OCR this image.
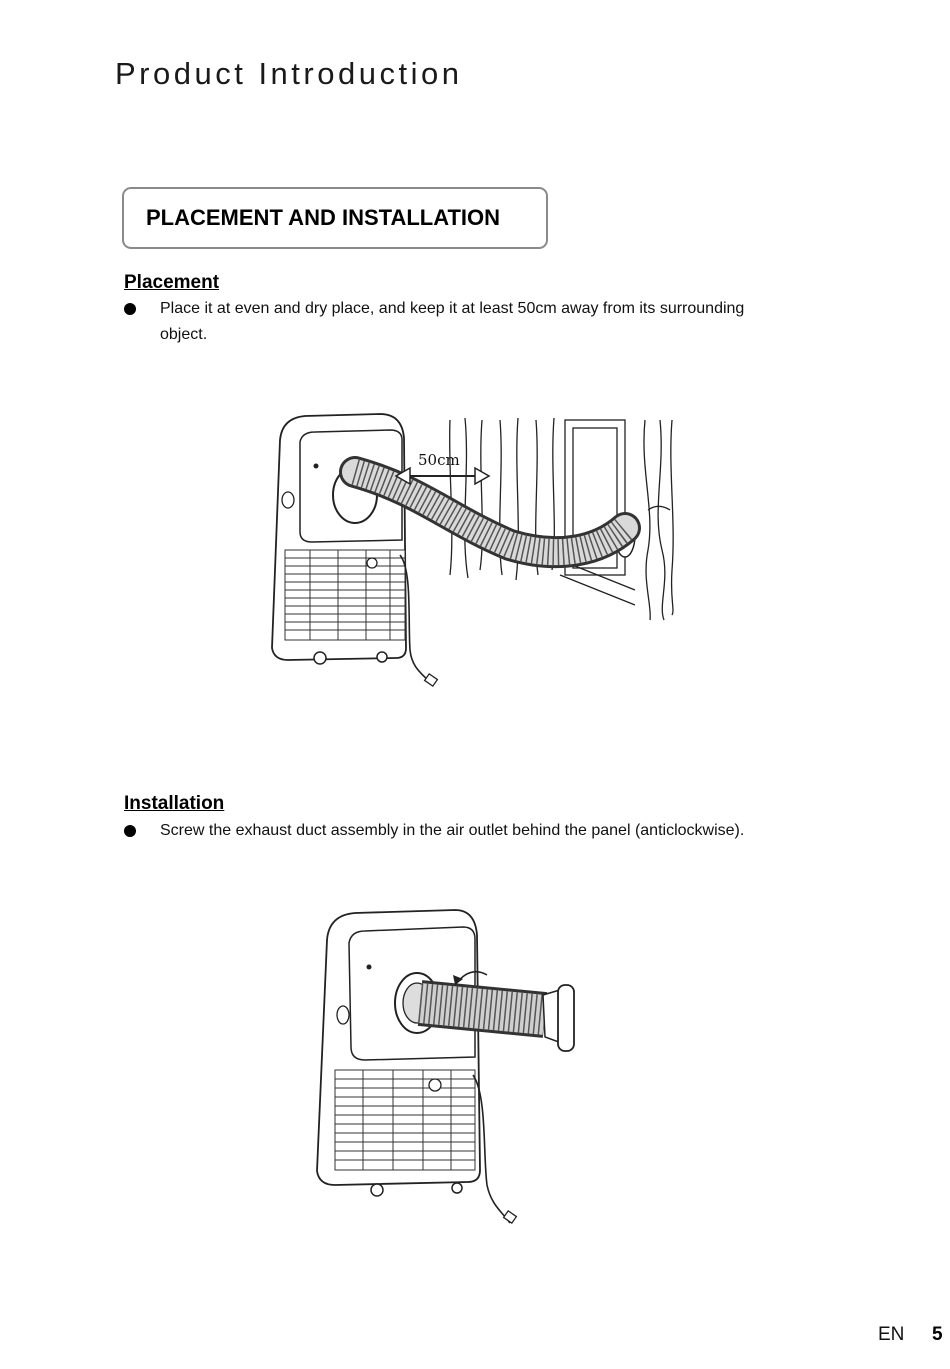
Product Introduction
PLACEMENT AND INSTALLATION
Placement
Place it at even and dry place, and keep it at least 50cm away from its surrounding
object.
50cm
Installation
Screw the exhaust duct assembly in the air outlet behind the panel (anticlockwise).
EN 5
